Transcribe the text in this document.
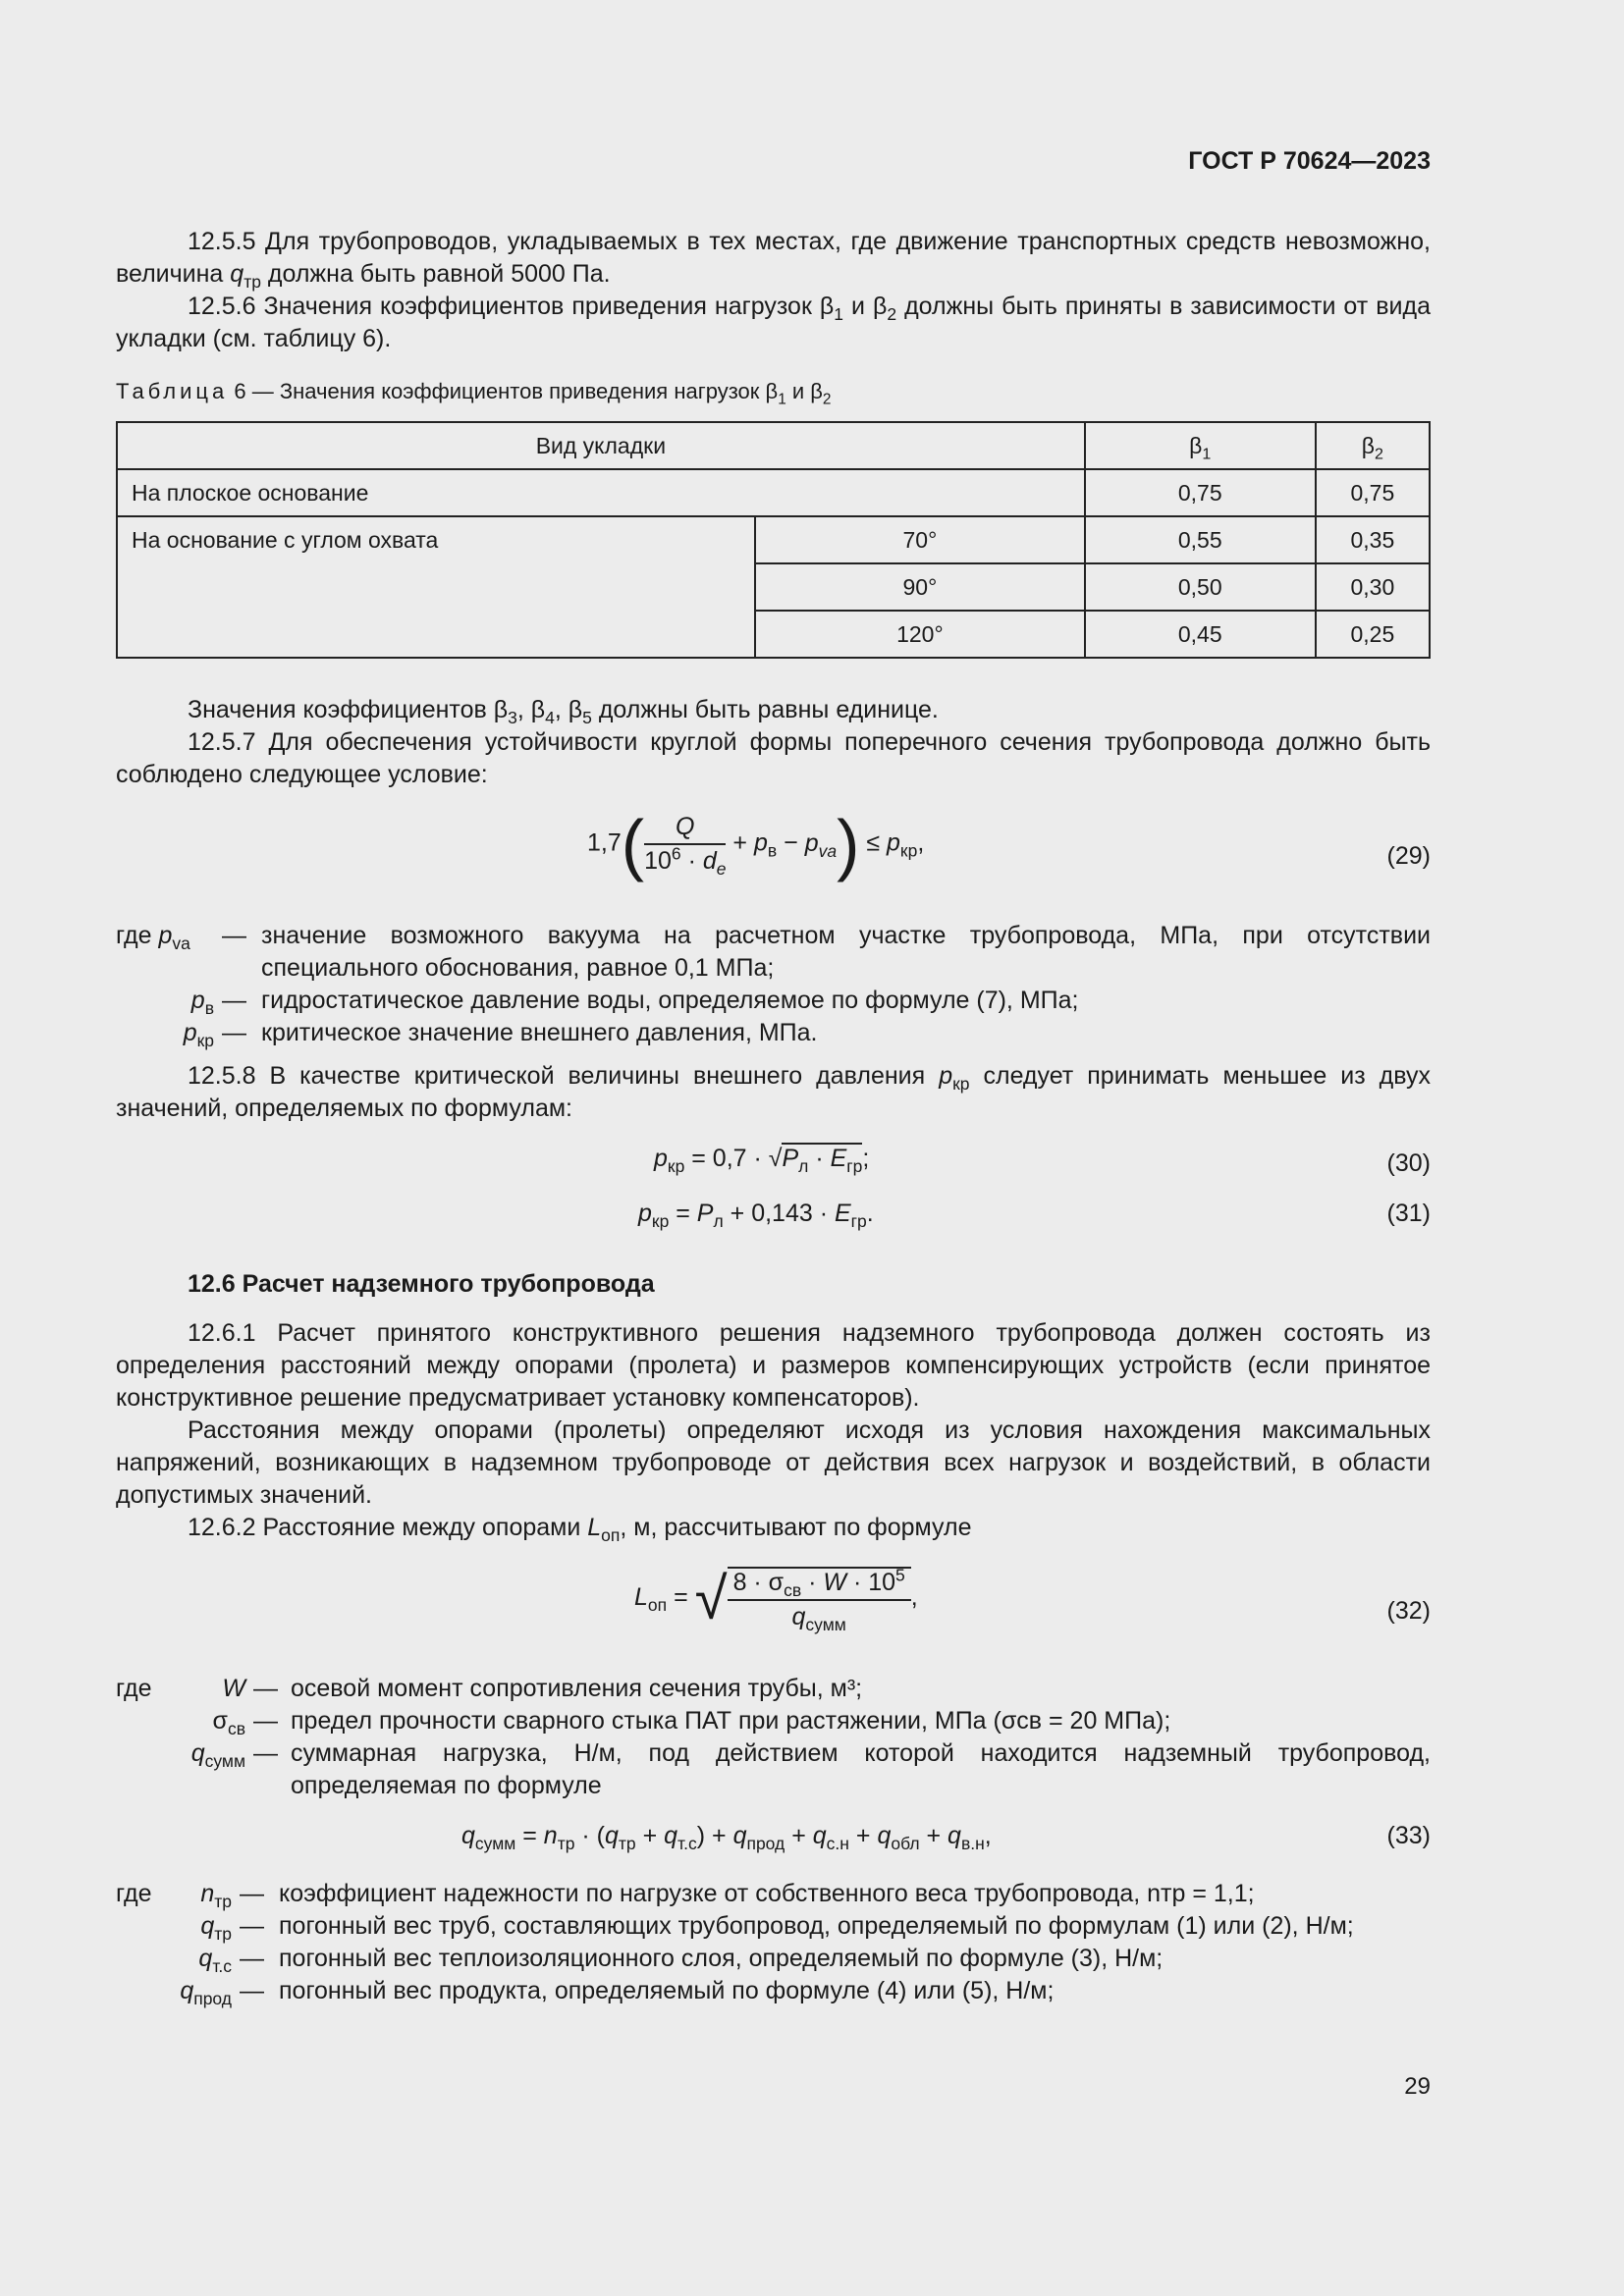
ГОСТ Р 70624—2023
12.5.5 Для трубопроводов, укладываемых в тех местах, где движение транспортных средств невозможно, величина $q_{тр}$ должна быть равной 5000 Па.
12.5.6 Значения коэффициентов приведения нагрузок $\beta_1$ и $\beta_2$ должны быть приняты в зависимости от вида укладки (см. таблицу 6).
Таблица 6 — Значения коэффициентов приведения нагрузок $\beta_1$ и $\beta_2$
Вид укладки		$\beta_1$	$\beta_2$
На плоское основание		0,75	0,75
На основание с углом охвата	70°	0,55	0,35
	90°	0,50	0,30
	120°	0,45	0,25
Значения коэффициентов $\beta_3$, $\beta_4$, $\beta_5$ должны быть равны единице.
12.5.7 Для обеспечения устойчивости круглой формы поперечного сечения трубопровода должно быть соблюдено следующее условие:
$1,7( \frac{Q}{10^6 \cdot d_e} + p_в - p_{va}) \le p_{кр}$,	(29)
где $p_{va}$	— значение возможного вакуума на расчетном участке трубопровода, МПа, при отсутствии специального обоснования, равное 0,1 МПа;
$p_в$ — гидростатическое давление воды, определяемое по формуле (7), МПа;
$p_{кр}$ — критическое значение внешнего давления, МПа.
12.5.8 В качестве критической величины внешнего давления $p_{кр}$ следует принимать меньшее из двух значений, определяемых по формулам:
$p_{кр} = 0,7 \cdot √P_л \cdot E_{гр}$;	(30)
$p_{кр} = P_л + 0,143 \cdot E_{гр}$.	(31)
12.6 Расчет надземного трубопровода
12.6.1 Расчет принятого конструктивного решения надземного трубопровода должен состоять из определения расстояний между опорами (пролета) и размеров компенсирующих устройств (если принятое конструктивное решение предусматривает установку компенсаторов).
Расстояния между опорами (пролеты) определяют исходя из условия нахождения максимальных напряжений, возникающих в надземном трубопроводе от действия всех нагрузок и воздействий, в области допустимых значений.
12.6.2 Расстояние между опорами $L_{оп}$, м, рассчитывают по формуле
$L_{оп}$ = √ $\frac{8 \cdot \sigma_{св} \cdot W \cdot 10^5}{q_{сумм}}$ ,	(32)
где	W — осевой момент сопротивления сечения трубы, м³;
$\sigma_{св}$ — предел прочности сварного стыка ПАТ при растяжении, МПа (σсв = 20 МПа);
$q_{сумм}$ — суммарная нагрузка, Н/м, под действием которой находится надземный трубопровод, определяемая по формуле
$q_{сумм} = n_{тр} \cdot (q_{тр} + q_{т.с}) + q_{прод} + q_{с.н} + q_{обл} + q_{в.н}$,	(33)
где	$n_{тр}$ — коэффициент надежности по нагрузке от собственного веса трубопровода, nтр = 1,1;
$q_{тр}$ — погонный вес труб, составляющих трубопровод, определяемый по формулам (1) или (2), Н/м;
$q_{т.с}$ — погонный вес теплоизоляционного слоя, определяемый по формуле (3), Н/м;
$q_{прод}$ — погонный вес продукта, определяемый по формуле (4) или (5), Н/м;
29
